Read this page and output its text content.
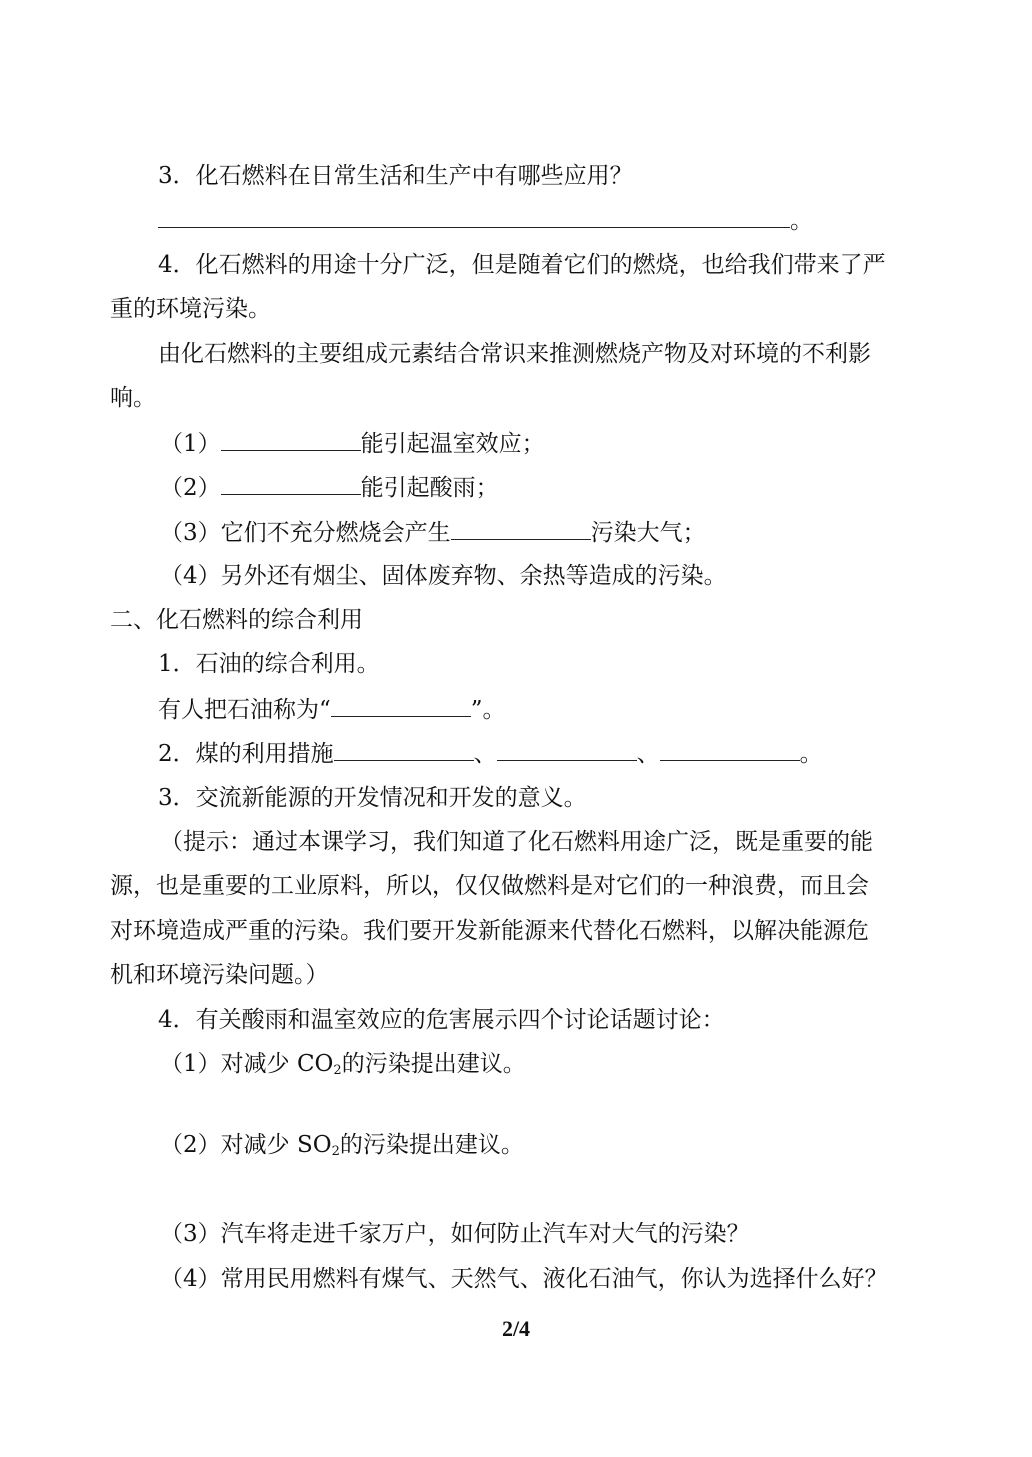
3．化石燃料在日常生活和生产中有哪些应用？
。
4．化石燃料的用途十分广泛，但是随着它们的燃烧，也给我们带来了严
重的环境污染。
由化石燃料的主要组成元素结合常识来推测燃烧产物及对环境的不利影
响。
（1）	能引起温室效应；
（2）	能引起酸雨；
（3）它们不充分燃烧会产生	污染大气；
（4）另外还有烟尘、固体废弃物、余热等造成的污染。
二、化石燃料的综合利用
1．石油的综合利用。
有人把石油称为“	”。
2．煤的利用措施	、	、	。
3．交流新能源的开发情况和开发的意义。
（提示：通过本课学习，我们知道了化石燃料用途广泛，既是重要的能
源，也是重要的工业原料，所以，仅仅做燃料是对它们的一种浪费，而且会
对环境造成严重的污染。我们要开发新能源来代替化石燃料，以解决能源危
机和环境污染问题。）
4．有关酸雨和温室效应的危害展示四个讨论话题讨论：
（1）对减少 $CO_2$的污染提出建议。
（2）对减少 $SO_2$的污染提出建议。
（3）汽车将走进千家万户，如何防止汽车对大气的污染？
（4）常用民用燃料有煤气、天然气、液化石油气，你认为选择什么好？
2/4
